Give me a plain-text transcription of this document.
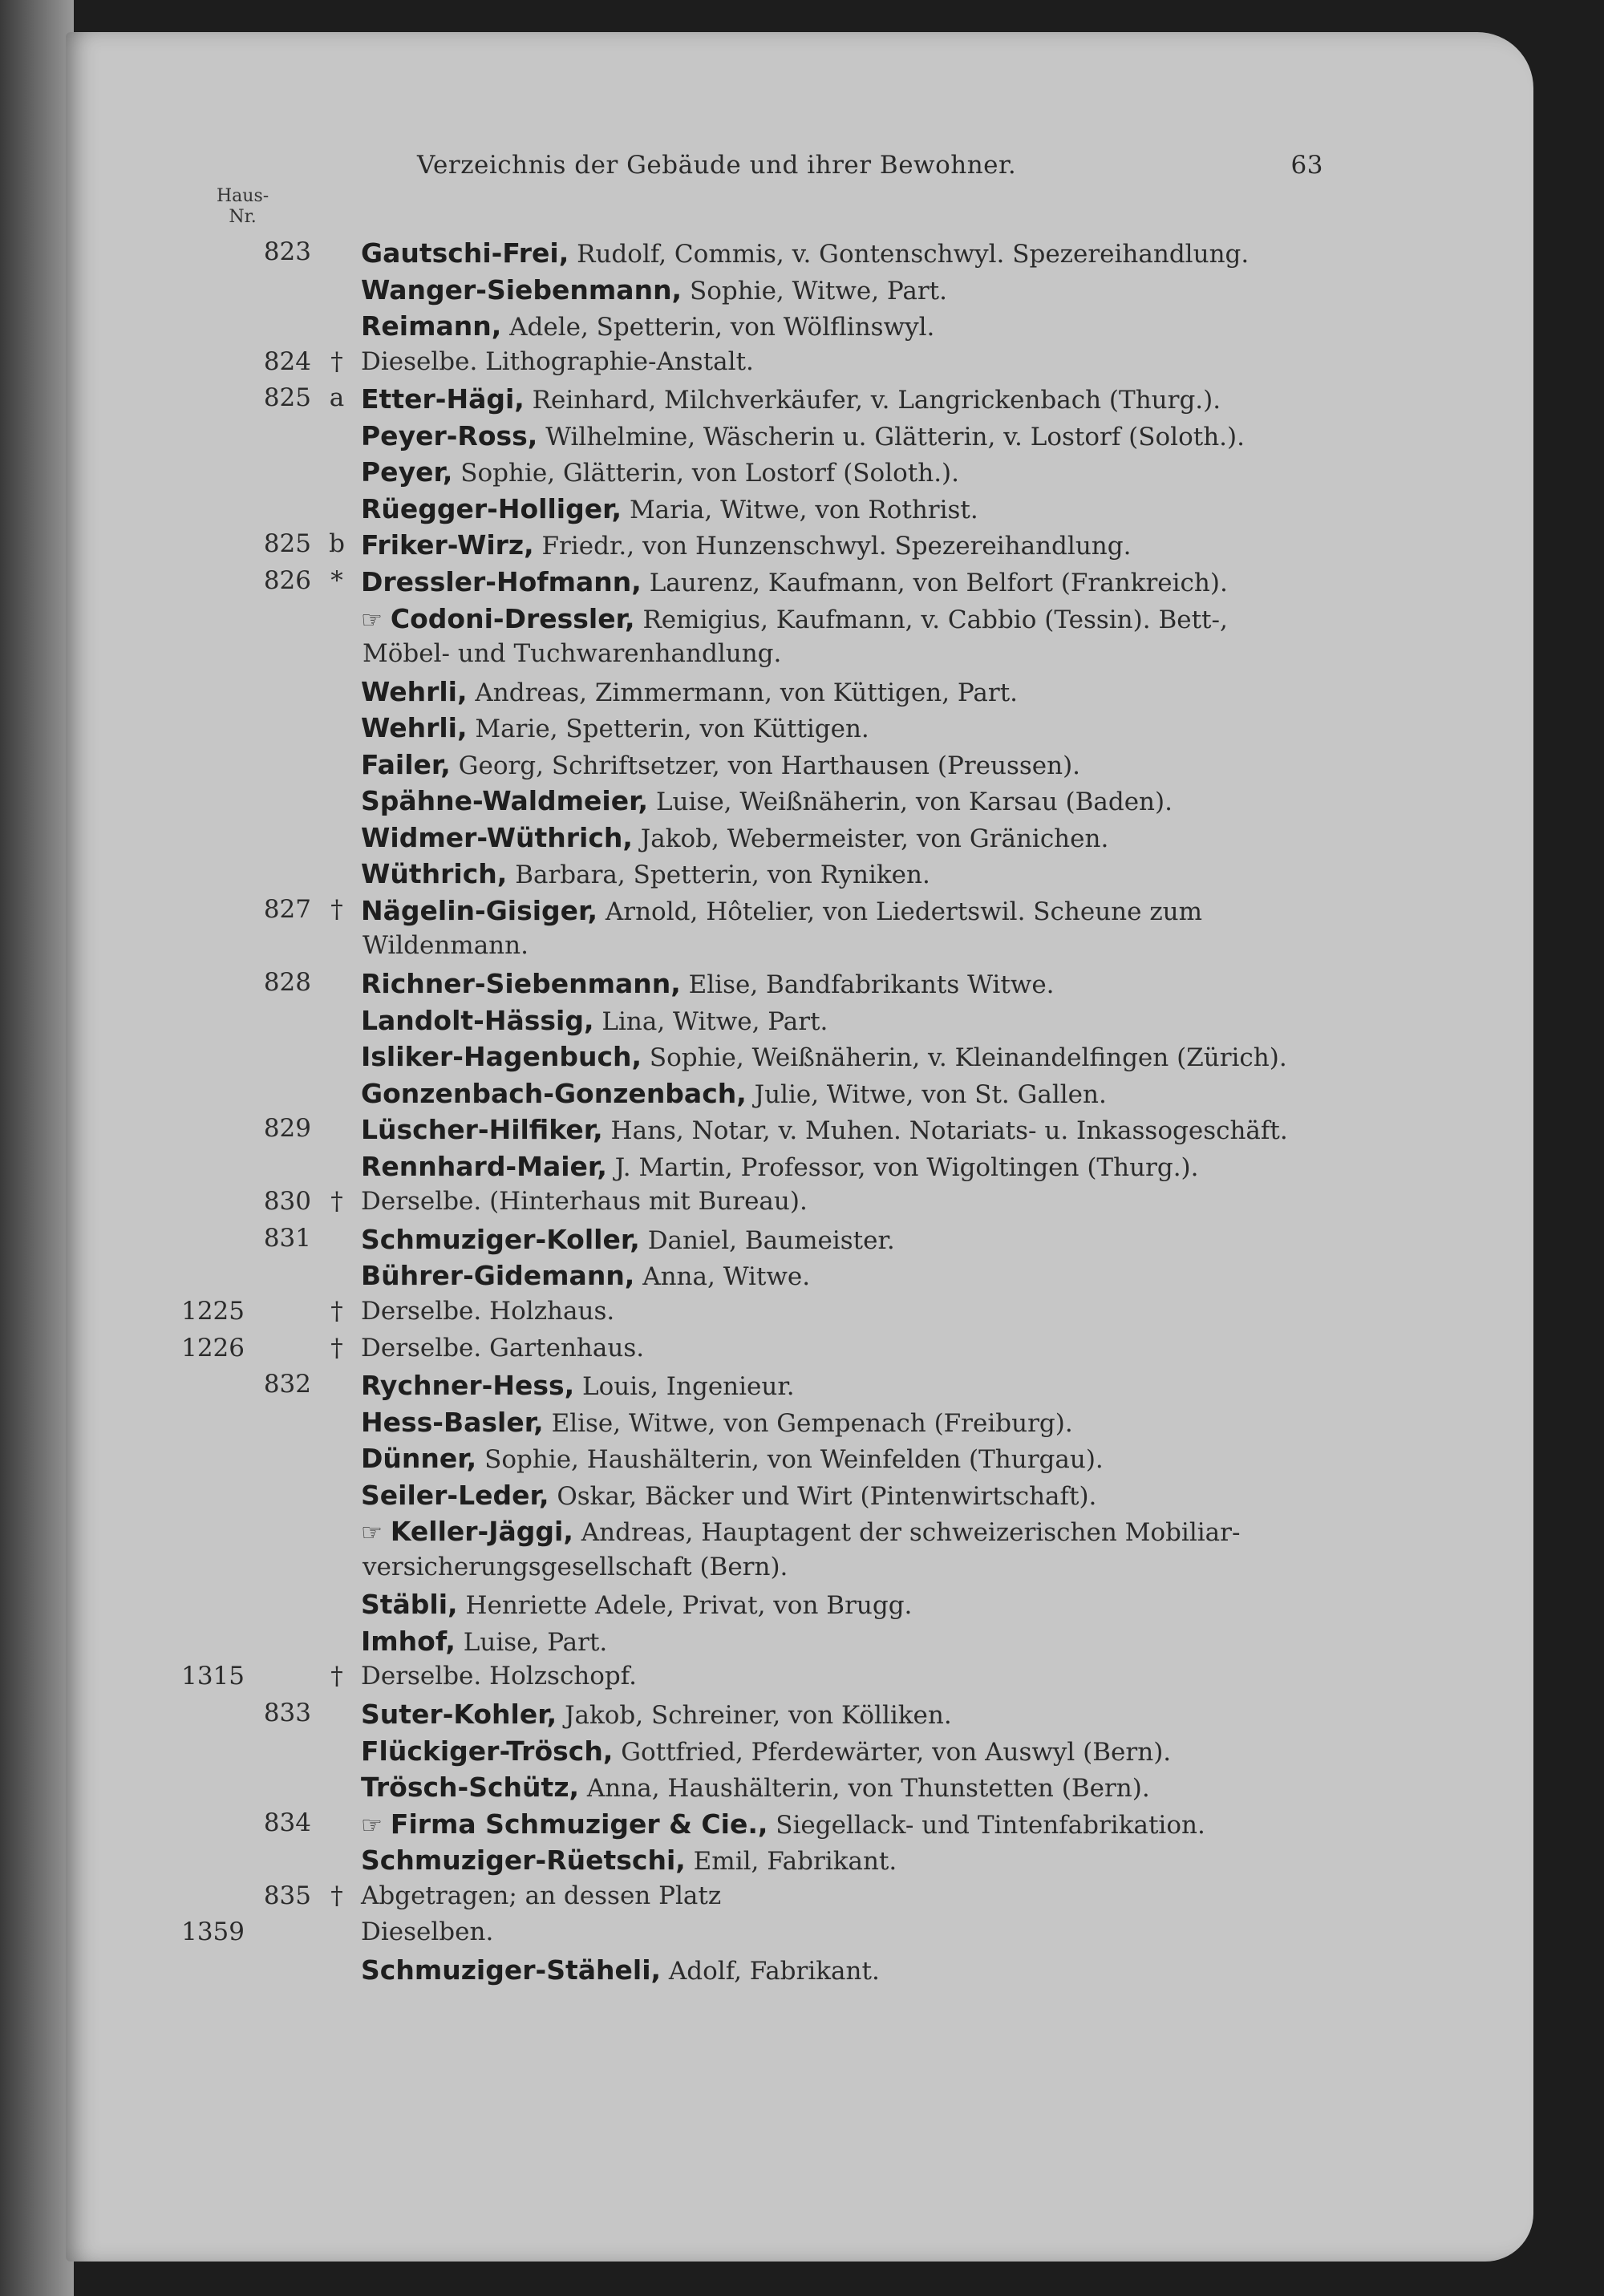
Verzeichnis der Gebäude und ihrer Bewohner.	63
Haus-
Nr.
823 Gautschi-Frei, Rudolf, Commis, v. Gontenschwyl. Spezereihandlung.
Wanger-Siebenmann, Sophie, Witwe, Part.
Reimann, Adele, Spetterin, von Wölflinswyl.
824 † Dieselbe. Lithographie-Anstalt.
825 a Etter-Hägi, Reinhard, Milchverkäufer, v. Langrickenbach (Thurg.).
Peyer-Ross, Wilhelmine, Wäscherin u. Glätterin, v. Lostorf (Soloth.).
Peyer, Sophie, Glätterin, von Lostorf (Soloth.).
Rüegger-Holliger, Maria, Witwe, von Rothrist.
825 b Friker-Wirz, Friedr., von Hunzenschwyl. Spezereihandlung.
826 * Dressler-Hofmann, Laurenz, Kaufmann, von Belfort (Frankreich).
☞ Codoni-Dressler, Remigius, Kaufmann, v. Cabbio (Tessin). Bett-,
Möbel- und Tuchwarenhandlung.
Wehrli, Andreas, Zimmermann, von Küttigen, Part.
Wehrli, Marie, Spetterin, von Küttigen.
Failer, Georg, Schriftsetzer, von Harthausen (Preussen).
Spähne-Waldmeier, Luise, Weißnäherin, von Karsau (Baden).
Widmer-Wüthrich, Jakob, Webermeister, von Gränichen.
Wüthrich, Barbara, Spetterin, von Ryniken.
827 † Nägelin-Gisiger, Arnold, Hôtelier, von Liedertswil. Scheune zum
Wildenmann.
828 Richner-Siebenmann, Elise, Bandfabrikants Witwe.
Landolt-Hässig, Lina, Witwe, Part.
Isliker-Hagenbuch, Sophie, Weißnäherin, v. Kleinandelfingen (Zürich).
Gonzenbach-Gonzenbach, Julie, Witwe, von St. Gallen.
829 Lüscher-Hilfiker, Hans, Notar, v. Muhen. Notariats- u. Inkassogeschäft.
Rennhard-Maier, J. Martin, Professor, von Wigoltingen (Thurg.).
830 † Derselbe. (Hinterhaus mit Bureau).
831 Schmuziger-Koller, Daniel, Baumeister.
Bührer-Gidemann, Anna, Witwe.
1225	† Derselbe. Holzhaus.
1226	† Derselbe. Gartenhaus.
832 Rychner-Hess, Louis, Ingenieur.
Hess-Basler, Elise, Witwe, von Gempenach (Freiburg).
Dünner, Sophie, Haushälterin, von Weinfelden (Thurgau).
Seiler-Leder, Oskar, Bäcker und Wirt (Pintenwirtschaft).
☞ Keller-Jäggi, Andreas, Hauptagent der schweizerischen Mobiliar-
versicherungsgesellschaft (Bern).
Stäbli, Henriette Adele, Privat, von Brugg.
Imhof, Luise, Part.
1315	† Derselbe. Holzschopf.
833 Suter-Kohler, Jakob, Schreiner, von Kölliken.
Flückiger-Trösch, Gottfried, Pferdewärter, von Auswyl (Bern).
Trösch-Schütz, Anna, Haushälterin, von Thunstetten (Bern).
834 ☞ Firma Schmuziger & Cie., Siegellack- und Tintenfabrikation.
Schmuziger-Rüetschi, Emil, Fabrikant.
835 † Abgetragen; an dessen Platz
1359	Dieselben.
Schmuziger-Stäheli, Adolf, Fabrikant.
